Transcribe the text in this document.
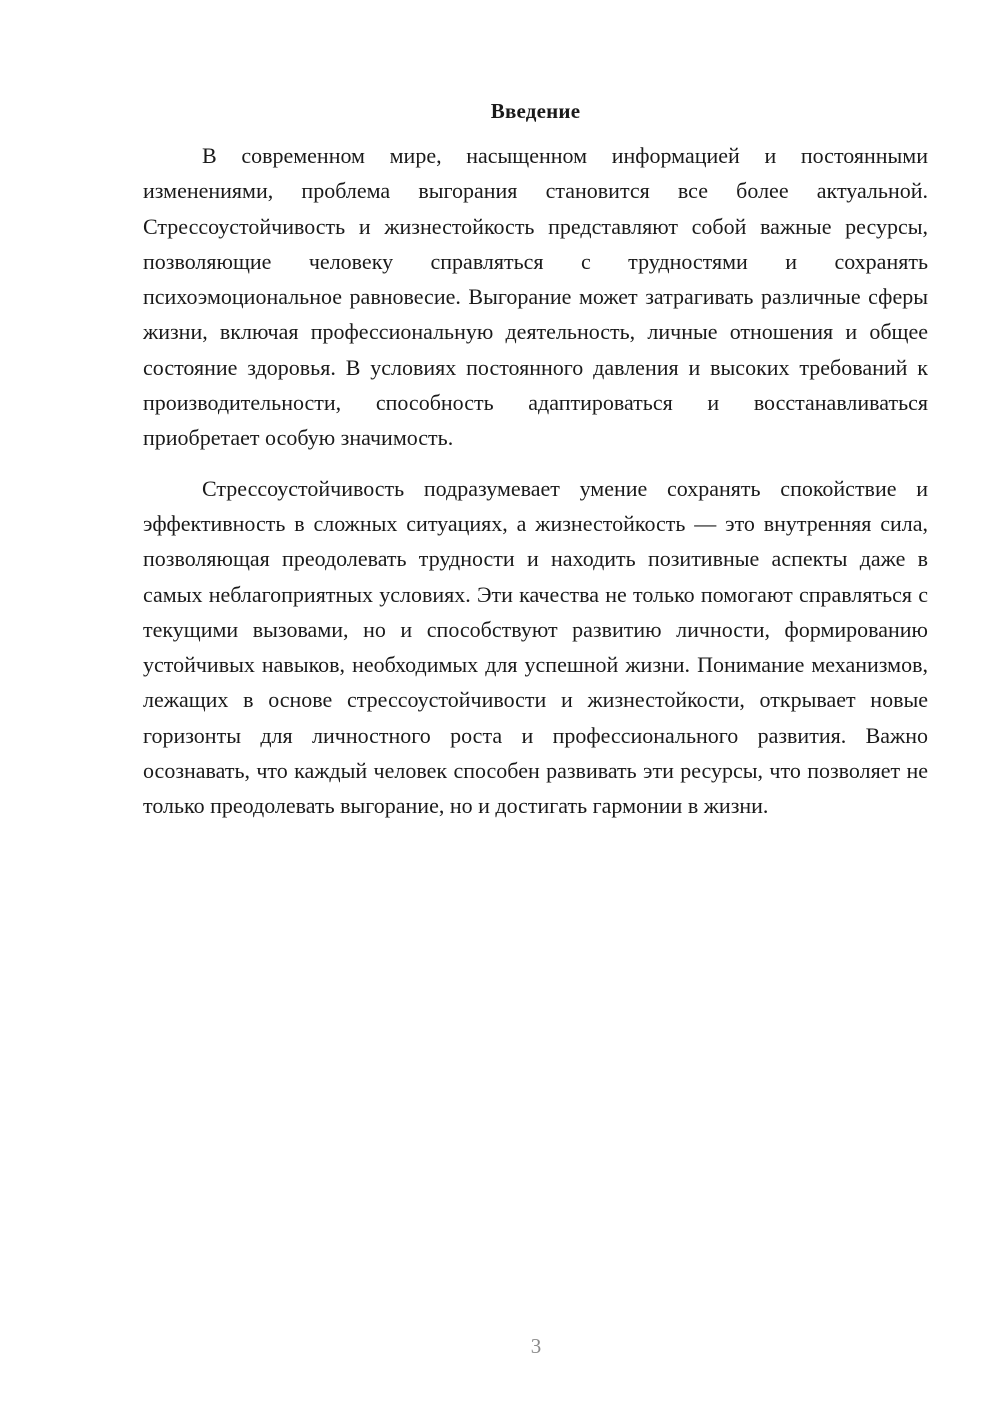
Введение

В современном мире, насыщенном информацией и постоянными изменениями, проблема выгорания становится все более актуальной. Стрессоустойчивость и жизнестойкость представляют собой важные ресурсы, позволяющие человеку справляться с трудностями и сохранять психоэмоциональное равновесие. Выгорание может затрагивать различные сферы жизни, включая профессиональную деятельность, личные отношения и общее состояние здоровья. В условиях постоянного давления и высоких требований к производительности, способность адаптироваться и восстанавливаться приобретает особую значимость.

Стрессоустойчивость подразумевает умение сохранять спокойствие и эффективность в сложных ситуациях, а жизнестойкость — это внутренняя сила, позволяющая преодолевать трудности и находить позитивные аспекты даже в самых неблагоприятных условиях. Эти качества не только помогают справляться с текущими вызовами, но и способствуют развитию личности, формированию устойчивых навыков, необходимых для успешной жизни. Понимание механизмов, лежащих в основе стрессоустойчивости и жизнестойкости, открывает новые горизонты для личностного роста и профессионального развития. Важно осознавать, что каждый человек способен развивать эти ресурсы, что позволяет не только преодолевать выгорание, но и достигать гармонии в жизни.

3
